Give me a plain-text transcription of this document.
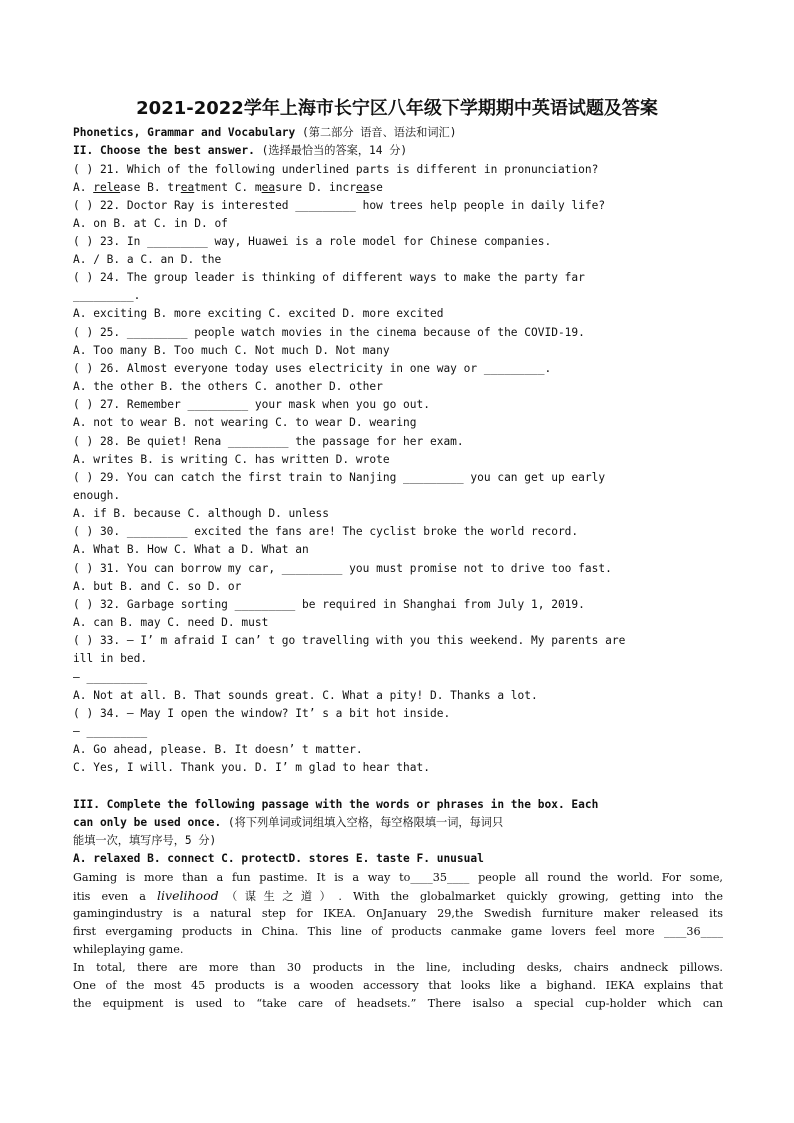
2021-2022学年上海市长宁区八年级下学期期中英语试题及答案
Phonetics, Grammar and Vocabulary (第二部分 语音、语法和词汇)
II. Choose the best answer. (选择最恰当的答案，14 分)
( ) 21. Which of the following underlined parts is different in pronunciation?
A. release B. treatment C. measure D. increase
( ) 22. Doctor Ray is interested _________ how trees help people in daily life?
A. on B. at C. in D. of
( ) 23. In _________ way, Huawei is a role model for Chinese companies.
A. / B. a C. an D. the
( ) 24. The group leader is thinking of different ways to make the party far
_________.
A. exciting B. more exciting C. excited D. more excited
( ) 25. _________ people watch movies in the cinema because of the COVID-19.
A. Too many B. Too much C. Not much D. Not many
( ) 26. Almost everyone today uses electricity in one way or _________.
A. the other B. the others C. another D. other
( ) 27. Remember _________ your mask when you go out.
A. not to wear B. not wearing C. to wear D. wearing
( ) 28. Be quiet! Rena _________ the passage for her exam.
A. writes B. is writing C. has written D. wrote
( ) 29. You can catch the first train to Nanjing _________ you can get up early
enough.
A. if B. because C. although D. unless
( ) 30. _________ excited the fans are! The cyclist broke the world record.
A. What B. How C. What a D. What an
( ) 31. You can borrow my car, _________ you must promise not to drive too fast.
A. but B. and C. so D. or
( ) 32. Garbage sorting _________ be required in Shanghai from July 1, 2019.
A. can B. may C. need D. must
( ) 33. — I’ m afraid I can’ t go travelling with you this weekend. My parents are
ill in bed.
— _________
A. Not at all. B. That sounds great. C. What a pity! D. Thanks a lot.
( ) 34. — May I open the window? It’ s a bit hot inside.
— _________
A. Go ahead, please. B. It doesn’ t matter.
C. Yes, I will. Thank you. D. I’ m glad to hear that.
III. Complete the following passage with the words or phrases in the box. Each
can only be used once. (将下列单词或词组填入空格，每空格限填一词，每词只
能填一次，填写序号，5 分)
A. relaxed B. connect C. protectD. stores E. taste F. unusual
Gaming is more than a fun pastime. It is a way to____35____ people all round the world. For some,
itis even a livelihood（谋生之道）. With the globalmarket quickly growing, getting into the
gamingindustry is a natural step for IKEA. OnJanuary 29,the Swedish furniture maker released its
first evergaming products in China. This line of products canmake game lovers feel more ____36____
whileplaying game.
In total, there are more than 30 products in the line, including desks, chairs andneck pillows.
One of the most 45 products is a wooden accessory that looks like a bighand. IEKA explains that
the equipment is used to “take care of headsets.” There isalso a special cup-holder which can
